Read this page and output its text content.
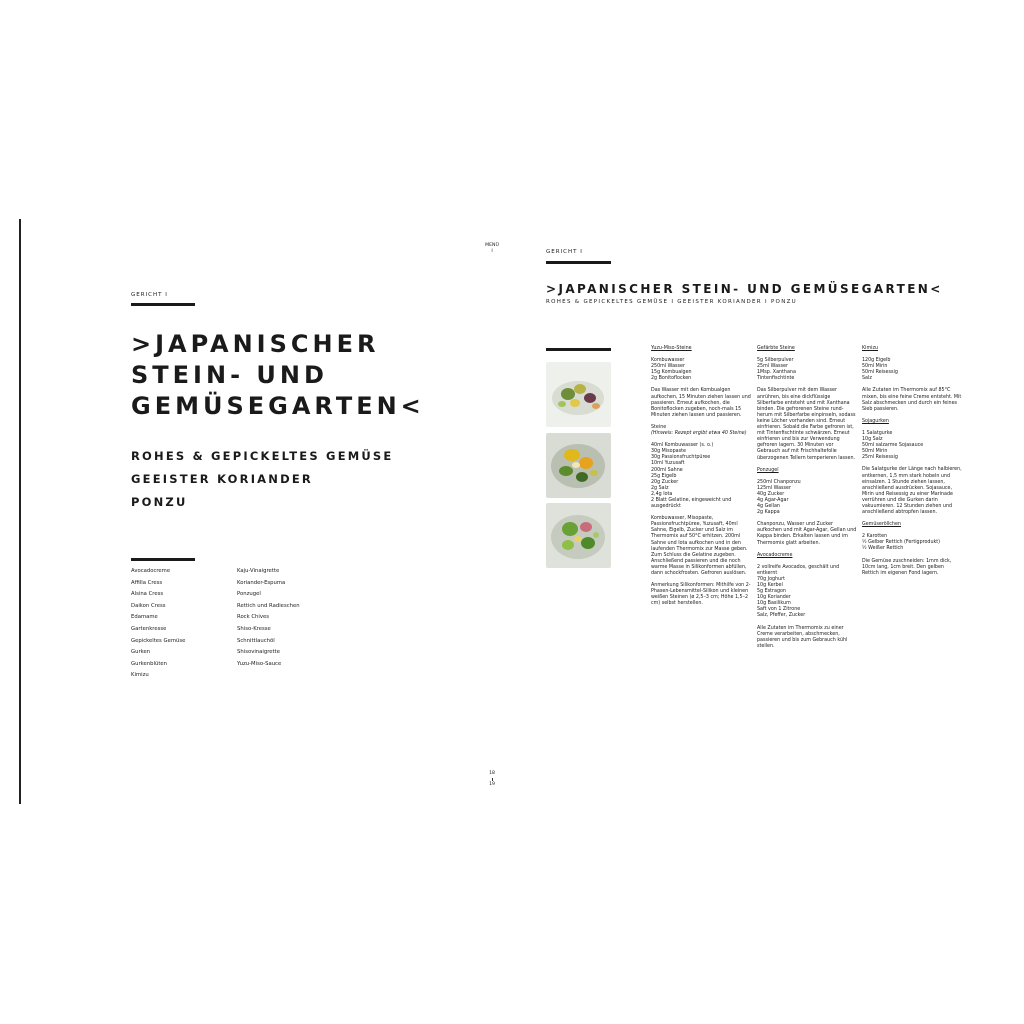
GERICHT I
>JAPANISCHER
STEIN- UND
GEMÜSEGARTEN<
ROHES & GEPICKELTES GEMÜSE
GEEISTER KORIANDER
PONZU
Avocadocreme
Affilla Cress
Alsina Cress
Daikon Cress
Edamame
Gartenkresse
Gepickeltes Gemüse
Gurken
Gurkenblüten
Kimizu
Kaju-Vinaigrette
Koriander-Espuma
Ponzugel
Rettich und Radieschen
Rock Chives
Shiso-Kresse
Schnittlauchöl
Shisovinaigrette
Yuzu-Miso-Sauce
MENÜ
I
18
19
GERICHT I
>JAPANISCHER STEIN- UND GEMÜSEGARTEN<
ROHES & GEPICKELTES GEMÜSE I GEEISTER KORIANDER I PONZU
Yuzu-Miso-Steine

Kombuwasser

250ml Wasser

15g Kombualgen

2g Bonitoflocken

Das Wasser mit den Kombualgen aufkochen, 15 Minuten ziehen lassen und passieren. Erneut aufkochen, die Bonitoflocken zugeben, noch-mals 15 Minuten ziehen lassen und passieren.

Steine

(Hinweis: Rezept ergibt etwa 40 Steine)

40ml Kombuwasser (s. o.)

30g Misopaste

30g Passionsfruchtpüree

10ml Yuzusaft

200ml Sahne

25g Eigelb

20g Zucker

2g Salz

2,4g Iota

2 Blatt Gelatine, eingeweicht und ausgedrückt

Kombuwasser, Misopaste, Passionsfruchtpüree, Yuzusaft, 40ml Sahne, Eigelb, Zucker und Salz im Thermomix auf 50°C erhitzen. 200ml Sahne und Iota aufkochen und in den laufenden Thermomix zur Masse geben. Zum Schluss die Gelatine zugeben. Anschließend passieren und die noch warme Masse in Silikonformen abfüllen, dann schockfrosten. Gefroren auslösen.

Anmerkung Silikonformen: Mithilfe von 2-Phasen-Lebensmittel-Silikon und kleinen weißen Steinen (ø 2,5–3 cm; Höhe 1,5–2 cm) selbst herstellen.

Gefärbte Steine

5g Silberpulver

25ml Wasser

1Msp. Xanthana

Tintenfischtinte

Das Silberpulver mit dem Wasser anrühren, bis eine dickflüssige Silberfarbe entsteht und mit Xanthana binden. Die gefrorenen Steine rund-herum mit Silberfarbe einpinseln, sodass keine Löcher vorhanden sind. Erneut einfrieren. Sobald die Farbe gefroren ist, mit Tintenfischtinte schwärzen. Erneut einfrieren und bis zur Verwendung gefroren lagern. 30 Minuten vor Gebrauch auf mit Frischhaltefolie überzogenen Tellern temperieren lassen.

Ponzugel

250ml Chanponzu

125ml Wasser

40g Zucker

4g Agar-Agar

4g Gellan

2g Kappa

Chanponzu, Wasser und Zucker aufkochen und mit Agar-Agar, Gellan und Kappa binden. Erkalten lassen und im Thermomix glatt arbeiten.

Avocadocreme

2 vollreife Avocados, geschält und entkernt

70g Joghurt

10g Kerbel

5g Estragon

10g Koriander

10g Basilikum

Saft von 1 Zitrone

Salz, Pfeffer, Zucker

Alle Zutaten im Thermomix zu einer Creme verarbeiten, abschmecken, passieren und bis zum Gebrauch kühl stellen.

Kimizu

120g Eigelb

50ml Mirin

50ml Reisessig

Salz

Alle Zutaten im Thermomix auf 85°C mixen, bis eine feine Creme entsteht. Mit Salz abschmecken und durch ein feines Sieb passieren.

Sojagurken

1 Salatgurke

10g Salz

50ml salzarme Sojasauce

50ml Mirin

25ml Reisessig

Die Salatgurke der Länge nach halbieren, entkernen, 1,5 mm stark hobeln und einsalzen. 1 Stunde ziehen lassen, anschließend ausdrücken. Sojasauce, Mirin und Reisessig zu einer Marinade verrühren und die Gurken darin vakuumieren. 12 Stunden ziehen und anschließend abtropfen lassen.

Gemüseröllchen

2 Karotten

½ Gelber Rettich (Fertigprodukt)

½ Weißer Rettich

Die Gemüse zuschneiden: 1mm dick, 10cm lang, 1cm breit. Den gelben Rettich im eigenen Fond lagern.
